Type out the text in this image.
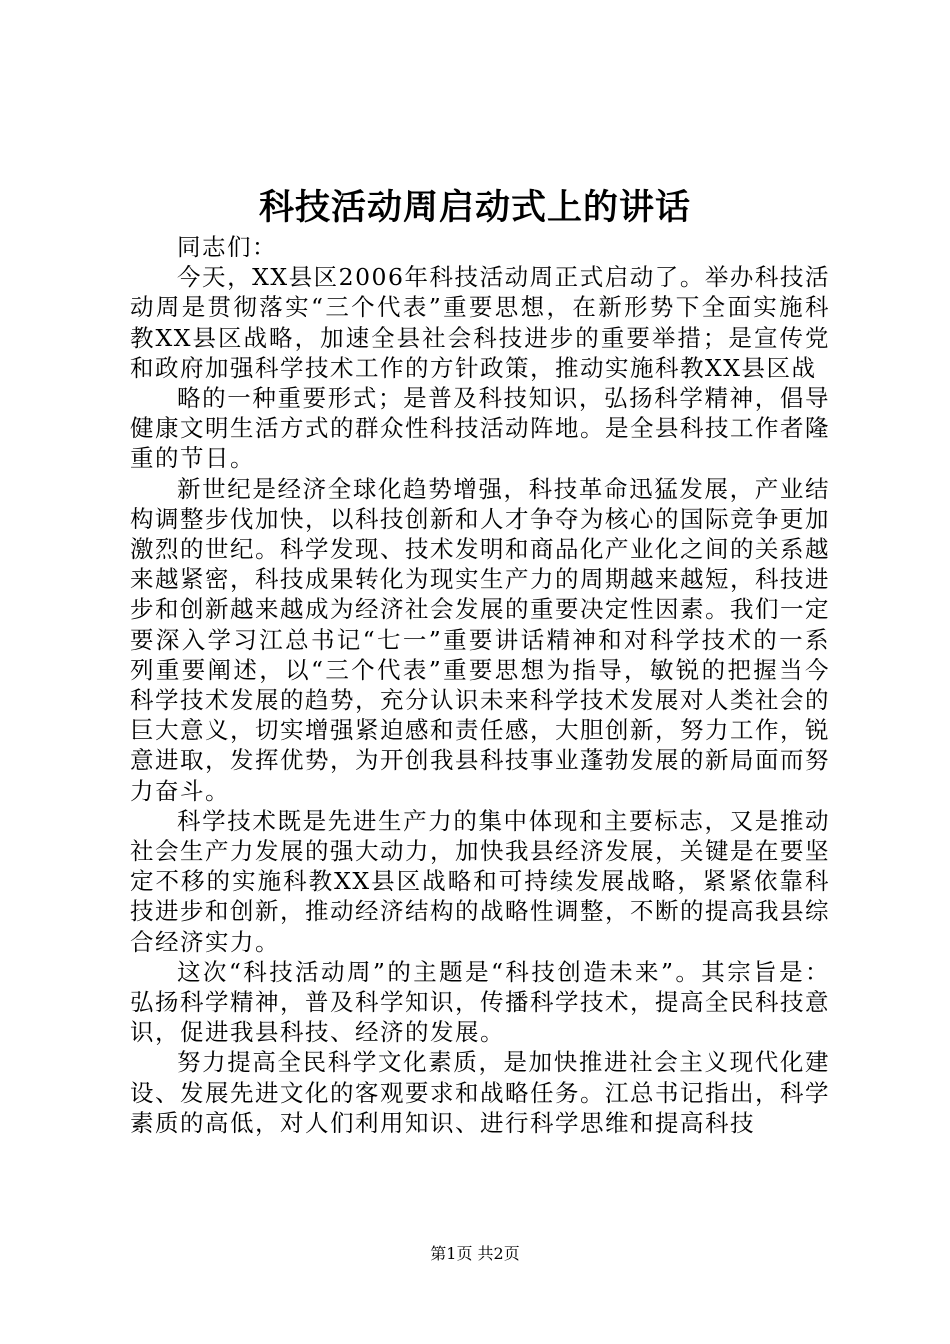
科技活动周启动式上的讲话

同志们：

今天，XX县区2006年科技活动周正式启动了。举办科技活动周是贯彻落实“三个代表”重要思想，在新形势下全面实施科教XX县区战略，加速全县社会科技进步的重要举措；是宣传党和政府加强科学技术工作的方针政策，推动实施科教XX县区战

略的一种重要形式；是普及科技知识，弘扬科学精神，倡导健康文明生活方式的群众性科技活动阵地。是全县科技工作者隆重的节日。

新世纪是经济全球化趋势增强，科技革命迅猛发展，产业结构调整步伐加快，以科技创新和人才争夺为核心的国际竞争更加激烈的世纪。科学发现、技术发明和商品化产业化之间的关系越来越紧密，科技成果转化为现实生产力的周期越来越短，科技进步和创新越来越成为经济社会发展的重要决定性因素。我们一定要深入学习江总书记“七一”重要讲话精神和对科学技术的一系列重要阐述，以“三个代表”重要思想为指导，敏锐的把握当今科学技术发展的趋势，充分认识未来科学技术发展对人类社会的巨大意义，切实增强紧迫感和责任感，大胆创新，努力工作，锐意进取，发挥优势，为开创我县科技事业蓬勃发展的新局面而努力奋斗。

科学技术既是先进生产力的集中体现和主要标志，又是推动社会生产力发展的强大动力，加快我县经济发展，关键是在要坚定不移的实施科教XX县区战略和可持续发展战略，紧紧依靠科技进步和创新，推动经济结构的战略性调整，不断的提高我县综合经济实力。

这次“科技活动周”的主题是“科技创造未来”。其宗旨是：弘扬科学精神，普及科学知识，传播科学技术，提高全民科技意识，促进我县科技、经济的发展。

努力提高全民科学文化素质，是加快推进社会主义现代化建设、发展先进文化的客观要求和战略任务。江总书记指出，科学素质的高低，对人们利用知识、进行科学思维和提高科技

第1页 共2页
